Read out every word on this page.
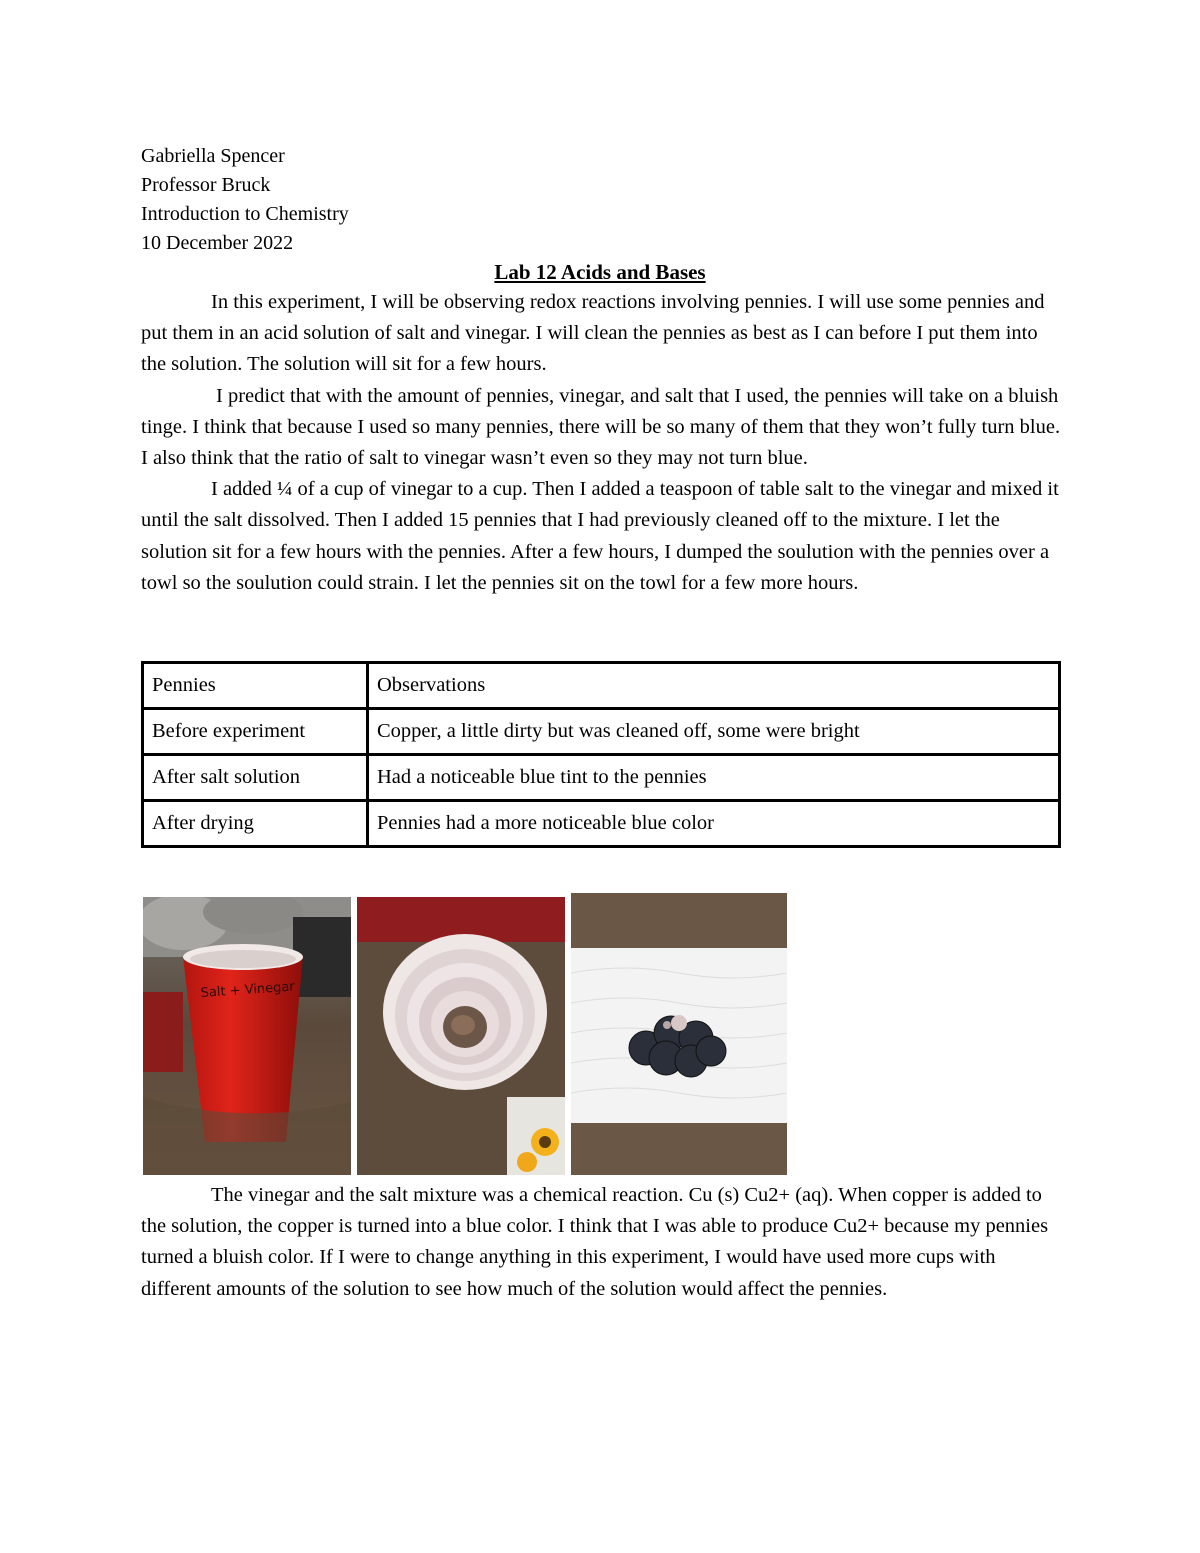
Gabriella Spencer
Professor Bruck
Introduction to Chemistry
10 December 2022
Lab 12 Acids and Bases

In this experiment, I will be observing redox reactions involving pennies. I will use some pennies and put them in an acid solution of salt and vinegar. I will clean the pennies as best as I can before I put them into the solution. The solution will sit for a few hours.

I predict that with the amount of pennies, vinegar, and salt that I used, the pennies will take on a bluish tinge. I think that because I used so many pennies, there will be so many of them that they won’t fully turn blue. I also think that the ratio of salt to vinegar wasn’t even so they may not turn blue.

I added ¼ of a cup of vinegar to a cup. Then I added a teaspoon of table salt to the vinegar and mixed it until the salt dissolved. Then I added 15 pennies that I had previously cleaned off to the mixture. I let the solution sit for a few hours with the pennies. After a few hours, I dumped the soulution with the pennies over a towl so the soulution could strain. I let the pennies sit on the towl for a few more hours.

Pennies	Observations
Before experiment	Copper, a little dirty but was cleaned off, some were bright
After salt solution	Had a noticeable blue tint to the pennies
After drying	Pennies had a more noticeable blue color
Salt + Vinegar

The vinegar and the salt mixture was a chemical reaction. Cu (s) Cu2+ (aq). When copper is added to the solution, the copper is turned into a blue color. I think that I was able to produce Cu2+ because my pennies turned a bluish color. If I were to change anything in this experiment, I would have used more cups with different amounts of the solution to see how much of the solution would affect the pennies.
